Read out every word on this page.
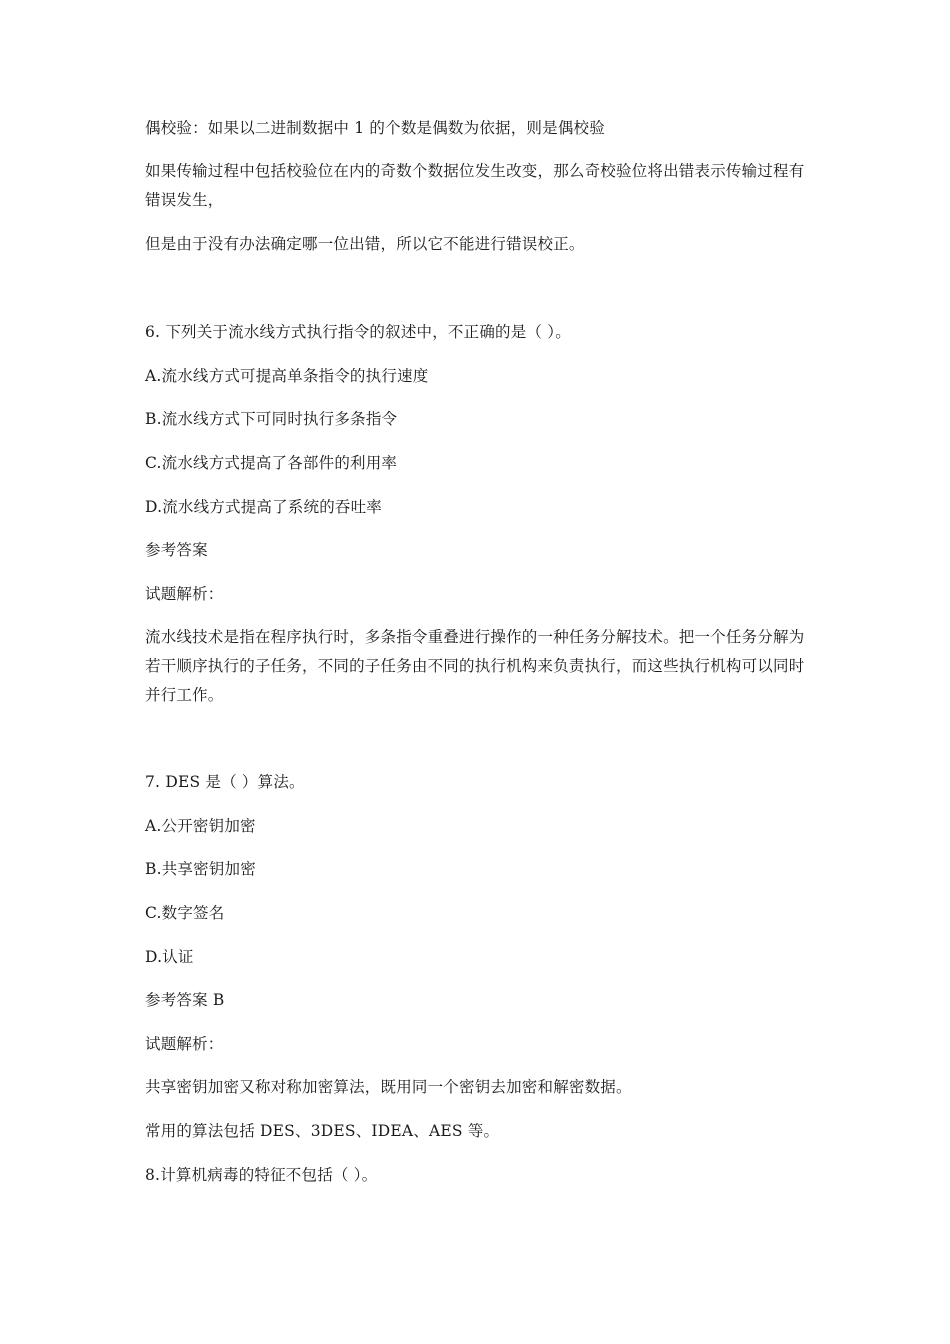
偶校验：如果以二进制数据中 1 的个数是偶数为依据，则是偶校验
如果传输过程中包括校验位在内的奇数个数据位发生改变，那么奇校验位将出错表示传输过程有错误发生，
但是由于没有办法确定哪一位出错，所以它不能进行错误校正。
6. 下列关于流水线方式执行指令的叙述中，不正确的是（ ）。
A.流水线方式可提高单条指令的执行速度
B.流水线方式下可同时执行多条指令
C.流水线方式提高了各部件的利用率
D.流水线方式提高了系统的吞吐率
参考答案
试题解析：
流水线技术是指在程序执行时，多条指令重叠进行操作的一种任务分解技术。把一个任务分解为若干顺序执行的子任务，不同的子任务由不同的执行机构来负责执行，而这些执行机构可以同时并行工作。
7. DES 是（ ）算法。
A.公开密钥加密
B.共享密钥加密
C.数字签名
D.认证
参考答案 B
试题解析：
共享密钥加密又称对称加密算法，既用同一个密钥去加密和解密数据。
常用的算法包括 DES、3DES、IDEA、AES 等。
8.计算机病毒的特征不包括（ ）。
